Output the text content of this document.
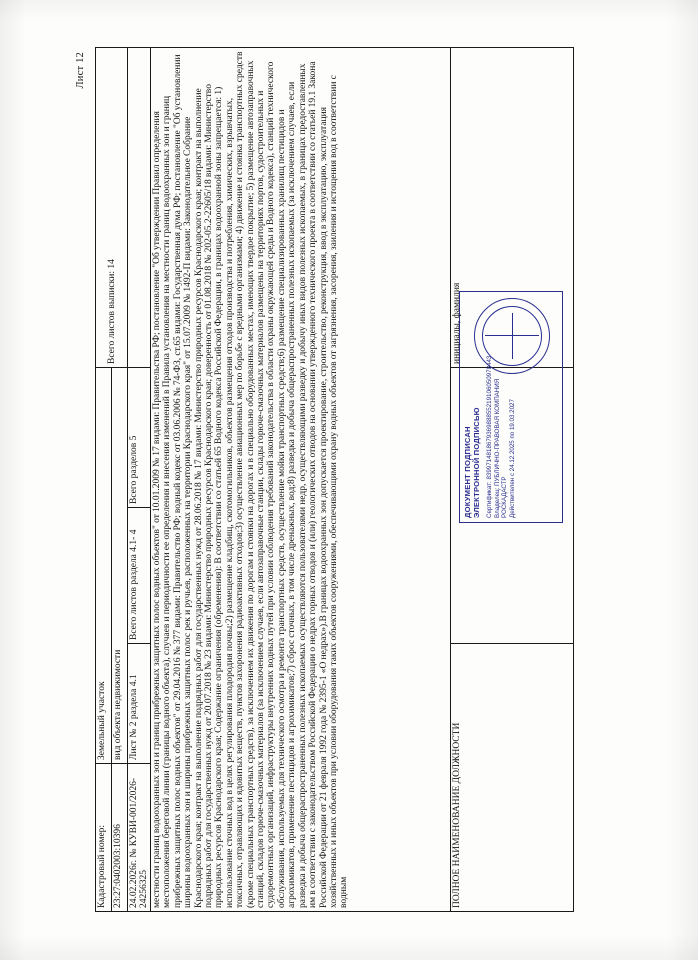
Лист 12
Кадастровый номер:	Земельный участок			Всего листов выписки: 14
23:27:0402003:10396	вид объекта недвижимости			
24.02.2026г. № КУВИ-001/2026-24256325	Лист № 2 раздела 4.1	Всего листов раздела 4.1- 4	Всего разделов 5	
местности границ водоохранных зон и границ прибрежных защитных полос водных объектов" от 10.01.2009 № 17 видами: Правительства РФ; постановление "Об утверждении Правил определения местоположения береговой линии (границы водного объекта), случаев и периодичности ее определения и внесения изменений в Правила установления на местности границ водоохранных зон и границ прибрежных защитных полос водных объектов" от 29.04.2016 № 377 видами: Правительство РФ; водный кодекс от 03.06.2006 № 74-ФЗ, ст.65 видами: Государственная дума РФ; постановление "Об установлении ширины водоохранных зон и ширины прибрежных защитных полос рек и ручьев, расположенных на территории Краснодарского края" от 15.07.2009 № 1492-П видами: Законодательное Собрание Краснодарского края; контракт на выполнение подрядных работ для государственных нужд от 28.06.2018 № 17 видами: Министерство природных ресурсов Краснодарского края; контракт на выполнение подрядных работ для государственных нужд от 20.07.2018 № 23 видами: Министерство природных ресурсов Краснодарского края; доверенность от 01.08.2018 № 202-05.2-22605/18 видами: Министерство природных ресурсов Краснодарского края; Содержание ограничения (обременения): В соответствии со статьей 65 Водного кодекса Российской Федерации, в границах водоохранной зоны запрещается: 1) использование сточных вод в целях регулирования плодородия почвы;2) размещение кладбищ, скотомогильников, объектов размещения отходов производства и потребления, химических, взрывчатых, токсичных, отравляющих и ядовитых веществ, пунктов захоронения радиоактивных отходов;3) осуществление авиационных мер по борьбе с вредными организмами; 4) движение и стоянка транспортных средств (кроме специальных транспортных средств), за исключением их движения по дорогам и стоянки на дорогах и в специально оборудованных местах, имеющих твердое покрытие; 5) размещение автозаправочных станций, складов горюче-смазочных материалов (за исключением случаев, если автозаправочные станции, склады горюче-смазочных материалов размещены на территориях портов, судостроительных и судоремонтных организаций, инфраструктуры внутренних водных путей при условии соблюдения требований законодательства в области охраны окружающей среды и Водного кодекса), станций технического обслуживания, используемых для технического осмотра и ремонта транспортных средств, осуществление мойки транспортных средств;6) размещение специализированных хранилищ пестицидов и агрохимикатов, применение пестицидов и агрохимикатов;7) сброс сточных, в том числе дренажных, вод;8) разведка и добыча общераспространенных полезных ископаемых (за исключением случаев, если разведка и добыча общераспространенных полезных ископаемых осуществляются пользователями недр, осуществляющими разведку и добычу иных видов полезных ископаемых, в границах предоставленных им в соответствии с законодательством Российской Федерации о недрах горных отводов и (или) геологических отводов на основании утвержденного технического проекта в соответствии со статьей 19.1 Закона Российской Федерации от 21 февраля 1992 года № 2395-1 «О недрах»).В границах водоохранных зон допускается проектирование, строительство, реконструкция, ввод в эксплуатацию, эксплуатация хозяйственных и иных объектов при условии оборудования таких объектов сооружениями, обеспечивающими охрану водных объектов от загрязнения, засорения, заиления и истощения вод в соответствии с водным				
ПОЛНОЕ НАИМЕНОВАНИЕ ДОЛЖНОСТИ	
ДОКУМЕНТ ПОДПИСАН ЭЛЕКТРОННОЙ ПОДПИСЬЮ Сертификат: 839971481867936988855219106050978443 Владелец: ПУБЛИЧНО-ПРАВОВАЯ КОМПАНИЯ РОСКАДАСТР Действителен с 24.12.2025 по 19.03.2027
	инициалы, фамилия
